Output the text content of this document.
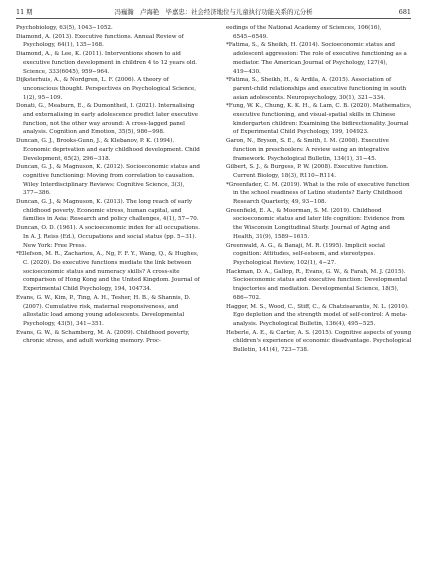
11 期	冯巍瀚　卢海艳　毕嘉忠：社会经济地位与儿童执行功能关系的元分析	681

Psychobiology, 63(5), 1043−1052.

Diamond, A. (2013). Executive functions. Annual Review of Psychology, 64(1), 135−168.

Diamond, A., & Lee, K. (2011). Interventions shown to aid executive function development in children 4 to 12 years old. Science, 333(6045), 959−964.

Dijksterhuis, A., & Nordgren, L. F. (2006). A theory of unconscious thought. Perspectives on Psychological Science, 1(2), 95−109.

Donati, G., Meaburn, E., & Dumontheil, I. (2021). Internalising and externalising in early adolescence predict later executive function, not the other way around: A cross-lagged panel analysis. Cognition and Emotion, 35(5), 986−998.

Duncan, G. J., Brooks-Gunn, J., & Klebanov, P. K. (1994). Economic deprivation and early childhood development. Child Development, 65(2), 296−318.

Duncan, G. J., & Magnuson, K. (2012). Socioeconomic status and cognitive functioning: Moving from correlation to causation. Wiley Interdisciplinary Reviews: Cognitive Science, 3(3), 377−386.

Duncan, G. J., & Magnuson, K. (2013). The long reach of early childhood poverty. Economic stress, human capital, and families in Asia: Research and policy challenges, 4(1), 57−70.

Duncan, O. D. (1961). A socioeconomic index for all occupations. In A. J. Reiss (Ed.), Occupations and social status (pp. 5−31). New York: Free Press.

*Ellefson, M. R., Zachariou, A., Ng, F. F. Y., Wang, Q., & Hughes, C. (2020). Do executive functions mediate the link between socioeconomic status and numeracy skills? A cross-site comparison of Hong Kong and the United Kingdom. Journal of Experimental Child Psychology, 194, 104734.

Evans, G. W., Kim, P., Ting, A. H., Tesher, H. B., & Shannis, D. (2007). Cumulative risk, maternal responsiveness, and allostatic load among young adolescents. Developmental Psychology, 43(5), 341−351.

Evans, G. W., & Schamberg, M. A. (2009). Childhood poverty, chronic stress, and adult working memory. Proc-

eedings of the National Academy of Sciences, 106(16), 6545−6549.

*Fatima, S., & Sheikh, H. (2014). Socioeconomic status and adolescent aggression: The role of executive functioning as a mediator. The American Journal of Psychology, 127(4), 419−430.

*Fatima, S., Sheikh, H., & Ardila, A. (2015). Association of parent-child relationships and executive functioning in south asian adolescents. Neuropsychology, 30(1), 321−334.

*Fung, W. K., Chung, K. K. H., & Lam, C. B. (2020). Mathematics, executive functioning, and visual-spatial skills in Chinese kindergarten children: Examining the bidirectionality. Journal of Experimental Child Psychology, 199, 104923.

Garon, N., Bryson, S. E., & Smith, I. M. (2008). Executive function in preschoolers: A review using an integrative framework. Psychological Bulletin, 134(1), 31−45.

Gilbert, S. J., & Burgess, P. W. (2008). Executive function. Current Biology, 18(3), R110−R114.

*Greenfader, C. M. (2019). What is the role of executive function in the school readiness of Latino students? Early Childhood Research Quarterly, 49, 93−108.

Greenfield, E. A., & Moorman, S. M. (2019). Childhood socioeconomic status and later life cognition: Evidence from the Wisconsin Longitudinal Study. Journal of Aging and Health, 31(9), 1589−1615.

Greenwald, A. G., & Banaji, M. R. (1995). Implicit social cognition: Attitudes, self-esteem, and stereotypes. Psychological Review, 102(1), 4−27.

Hackman, D. A., Gallop, R., Evans, G. W., & Farah, M. J. (2015). Socioeconomic status and executive function: Developmental trajectories and mediation. Developmental Science, 18(5), 686−702.

Hagger, M. S., Wood, C., Stiff, C., & Chatzisarantis, N. L. (2010). Ego depletion and the strength model of self-control: A meta-analysis. Psychological Bulletin, 136(4), 495−525.

Heberle, A. E., & Carter, A. S. (2015). Cognitive aspects of young children's experience of economic disadvantage. Psychological Bulletin, 141(4), 723−738.
